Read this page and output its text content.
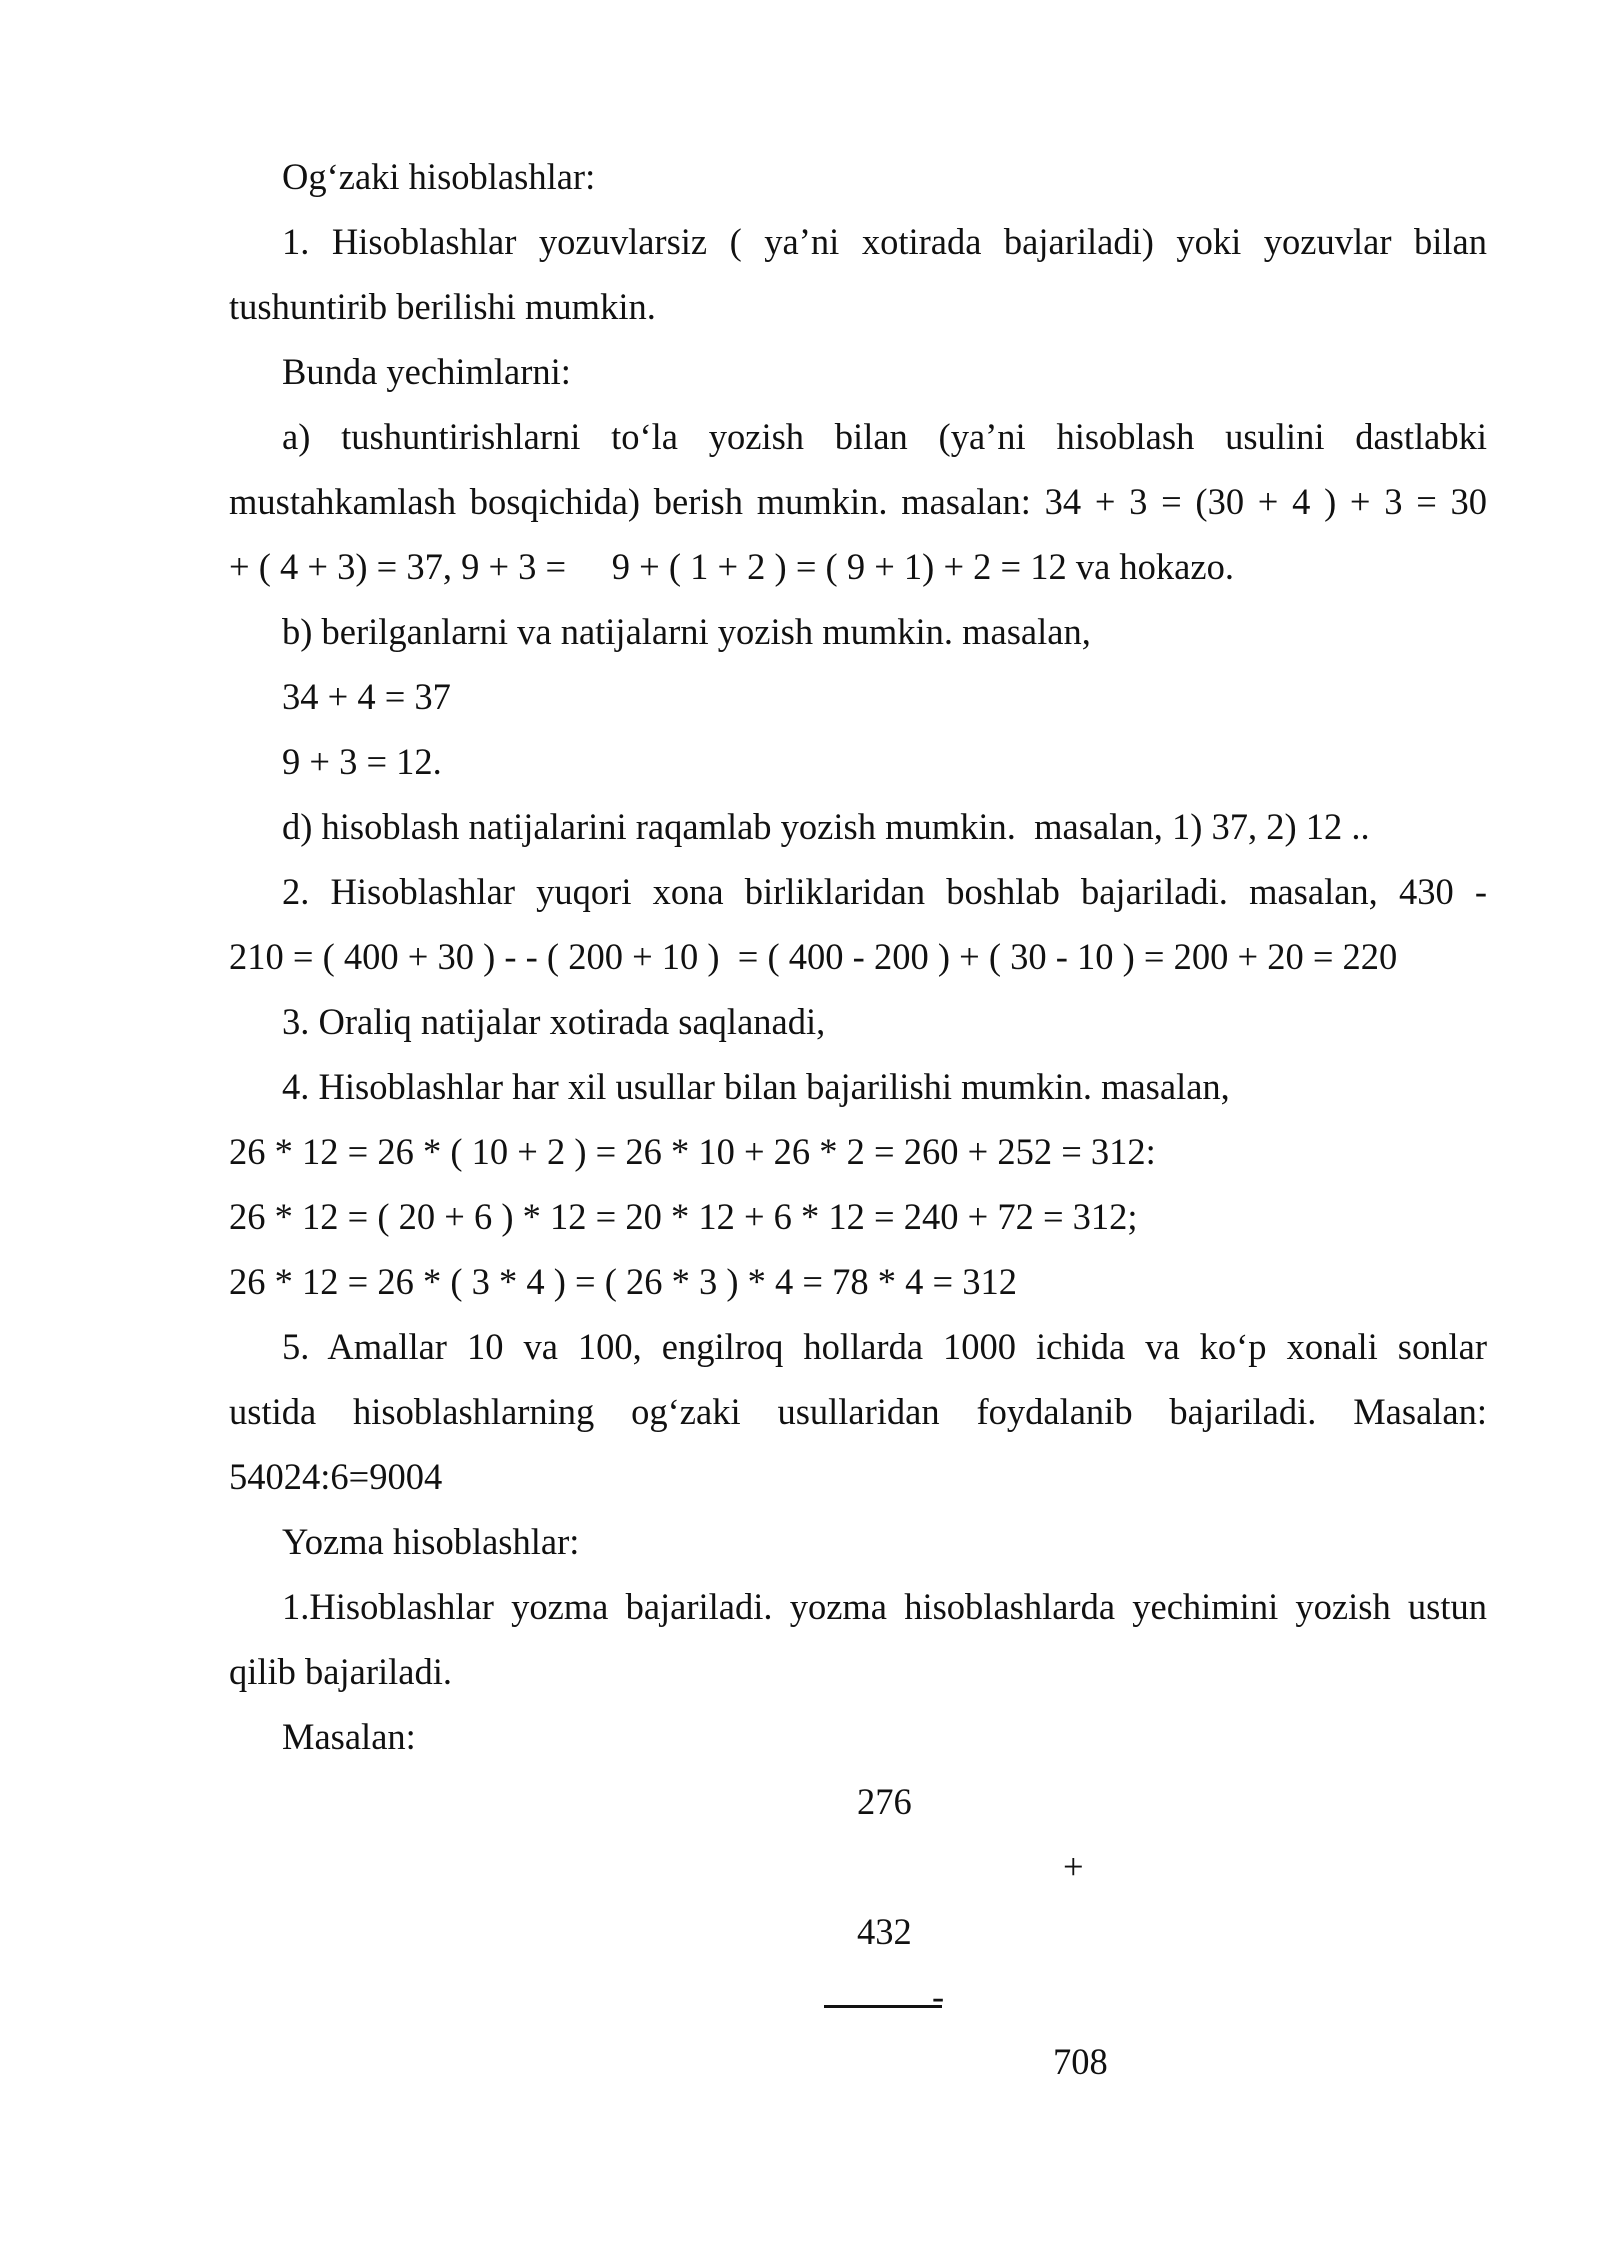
Og‘zaki hisoblashlar:
1. Hisoblashlar yozuvlarsiz ( ya’ni xotirada bajariladi) yoki yozuvlar bilan
tushuntirib berilishi mumkin.
Bunda yechimlarni:
a) tushuntirishlarni to‘la yozish bilan (ya’ni hisoblash usulini dastlabki
mustahkamlash bosqichida) berish mumkin. masalan: 34 + 3 = (30 + 4 ) + 3 = 30
+ ( 4 + 3) = 37, 9 + 3 =     9 + ( 1 + 2 ) = ( 9 + 1) + 2 = 12 va hokazo.
b) berilganlarni va natijalarni yozish mumkin. masalan,
34 + 4 = 37
9 + 3 = 12.
d) hisoblash natijalarini raqamlab yozish mumkin.  masalan, 1) 37, 2) 12 ..
2. Hisoblashlar yuqori xona birliklaridan boshlab bajariladi. masalan, 430 -
210 = ( 400 + 30 ) - - ( 200 + 10 )  = ( 400 - 200 ) + ( 30 - 10 ) = 200 + 20 = 220
3. Oraliq natijalar xotirada saqlanadi,
4. Hisoblashlar har xil usullar bilan bajarilishi mumkin. masalan,
26 * 12 = 26 * ( 10 + 2 ) = 26 * 10 + 26 * 2 = 260 + 252 = 312:
26 * 12 = ( 20 + 6 ) * 12 = 20 * 12 + 6 * 12 = 240 + 72 = 312;
26 * 12 = 26 * ( 3 * 4 ) = ( 26 * 3 ) * 4 = 78 * 4 = 312
5. Amallar 10 va 100, engilroq hollarda 1000 ichida va ko‘p xonali sonlar
ustida hisoblashlarning og‘zaki usullaridan foydalanib bajariladi. Masalan:
54024:6=9004
Yozma hisoblashlar:
1.Hisoblashlar yozma bajariladi. yozma hisoblashlarda yechimini yozish ustun
qilib bajariladi.
Masalan:
276
+
432
-
708
